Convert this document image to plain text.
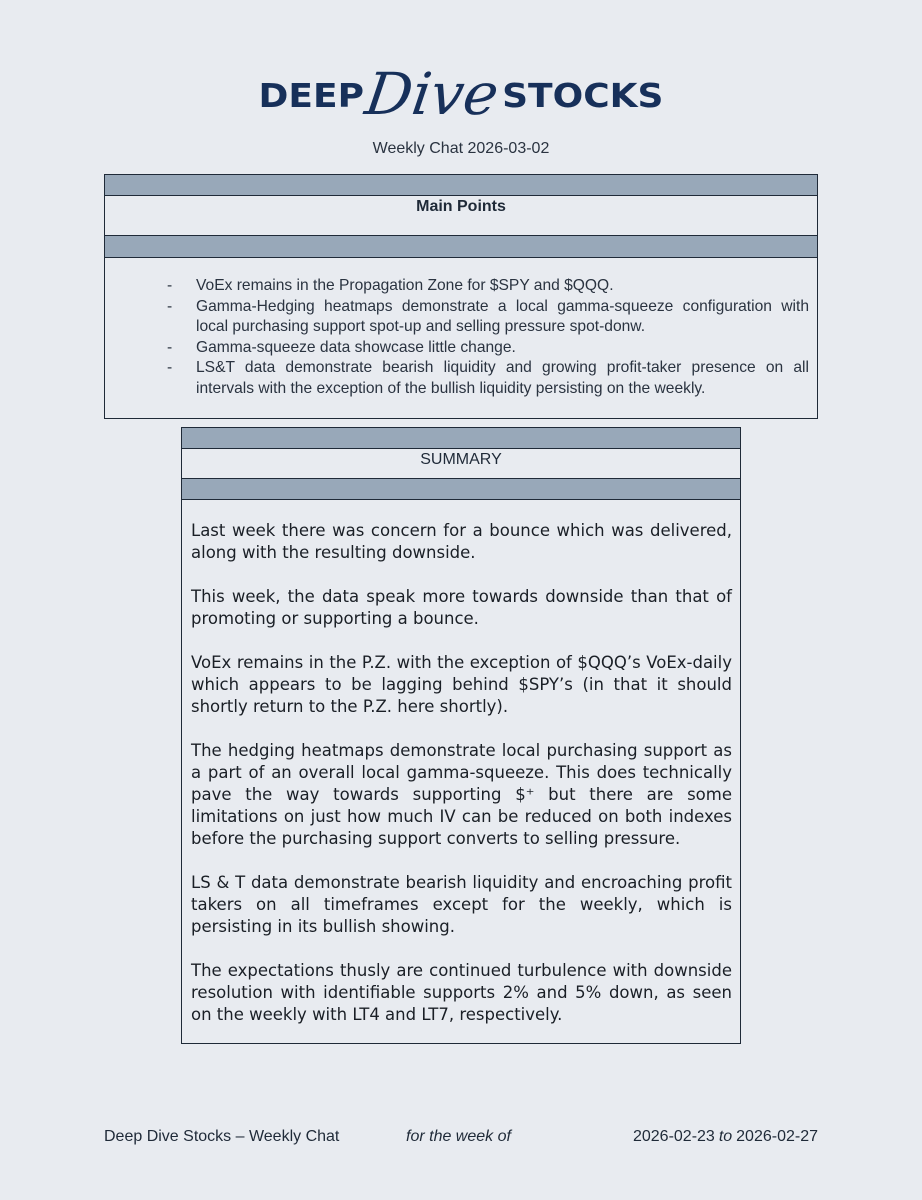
DEEP
Dive STOCKS
Weekly Chat 2026-03-02
Main Points
- VoEx remains in the Propagation Zone for $SPY and $QQQ.
- Gamma-Hedging heatmaps demonstrate a local gamma-squeeze configuration with local purchasing support spot-up and selling pressure spot-donw.
- Gamma-squeeze data showcase little change.
- LS&T data demonstrate bearish liquidity and growing profit-taker presence on all intervals with the exception of the bullish liquidity persisting on the weekly.
SUMMARY

Last week there was concern for a bounce which was delivered, along with the resulting downside.

This week, the data speak more towards downside than that of promoting or supporting a bounce.

VoEx remains in the P.Z. with the exception of $QQQ’s VoEx-daily which appears to be lagging behind $SPY’s (in that it should shortly return to the P.Z. here shortly).

The hedging heatmaps demonstrate local purchasing support as a part of an overall local gamma-squeeze. This does technically pave the way towards supporting $⁺ but there are some limitations on just how much IV can be reduced on both indexes before the purchasing support converts to selling pressure.

LS & T data demonstrate bearish liquidity and encroaching profit takers on all timeframes except for the weekly, which is persisting in its bullish showing.

The expectations thusly are continued turbulence with downside resolution with identifiable supports 2% and 5% down, as seen on the weekly with LT4 and LT7, respectively.

Deep Dive Stocks – Weekly Chat	for the week of	2026-02-23 to 2026-02-27
